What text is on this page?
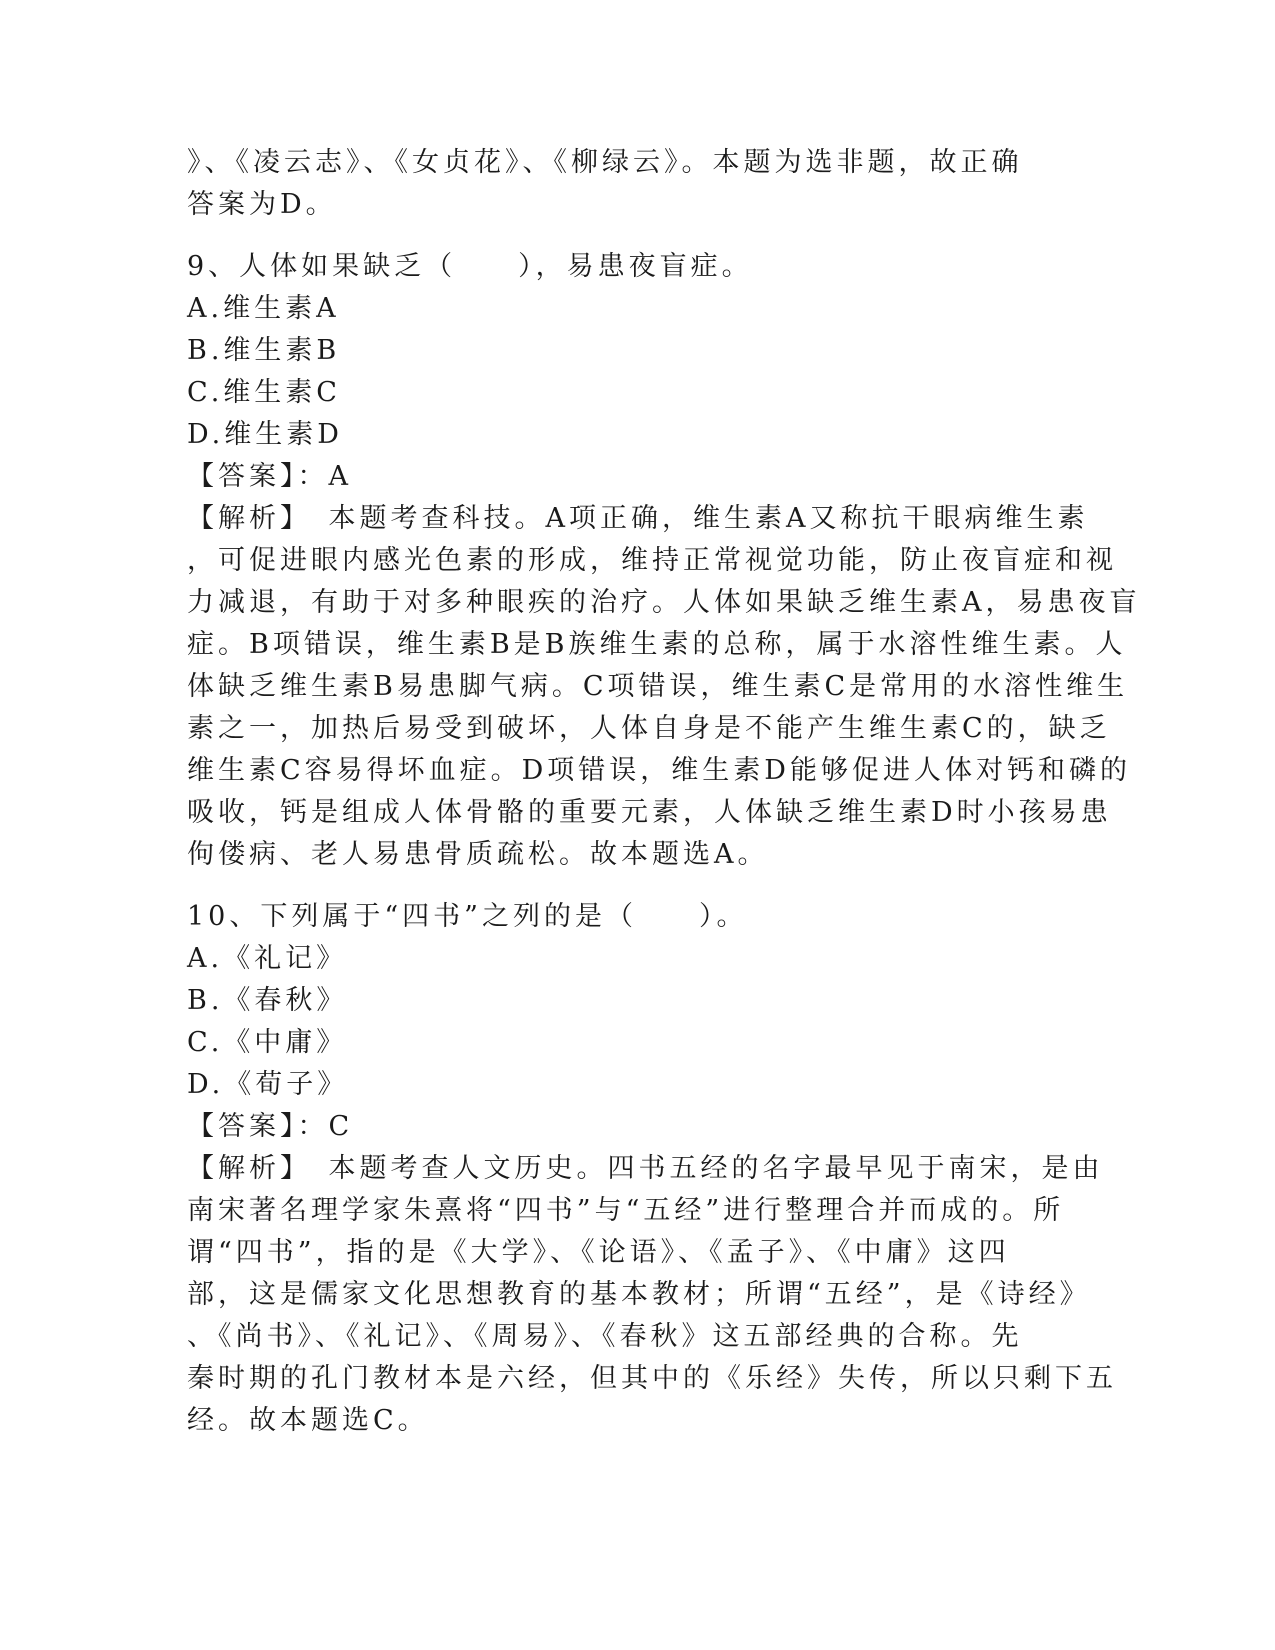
》、《凌云志》、《女贞花》、《柳绿云》。本题为选非题，故正确
答案为D。
9、人体如果缺乏（　　），易患夜盲症。
A.维生素A
B.维生素B
C.维生素C
D.维生素D
【答案】：A
【解析】　本题考查科技。A项正确，维生素A又称抗干眼病维生素
，可促进眼内感光色素的形成，维持正常视觉功能，防止夜盲症和视
力减退，有助于对多种眼疾的治疗。人体如果缺乏维生素A，易患夜盲
症。B项错误，维生素B是B族维生素的总称，属于水溶性维生素。人
体缺乏维生素B易患脚气病。C项错误，维生素C是常用的水溶性维生
素之一，加热后易受到破坏，人体自身是不能产生维生素C的，缺乏
维生素C容易得坏血症。D项错误，维生素D能够促进人体对钙和磷的
吸收，钙是组成人体骨骼的重要元素，人体缺乏维生素D时小孩易患
佝偻病、老人易患骨质疏松。故本题选A。
10、下列属于“四书”之列的是（　　）。
A.《礼记》
B.《春秋》
C.《中庸》
D.《荀子》
【答案】：C
【解析】　本题考查人文历史。四书五经的名字最早见于南宋，是由
南宋著名理学家朱熹将“四书”与“五经”进行整理合并而成的。所
谓“四书”，指的是《大学》、《论语》、《孟子》、《中庸》这四
部，这是儒家文化思想教育的基本教材；所谓“五经”，是《诗经》
、《尚书》、《礼记》、《周易》、《春秋》这五部经典的合称。先
秦时期的孔门教材本是六经，但其中的《乐经》失传，所以只剩下五
经。故本题选C。
